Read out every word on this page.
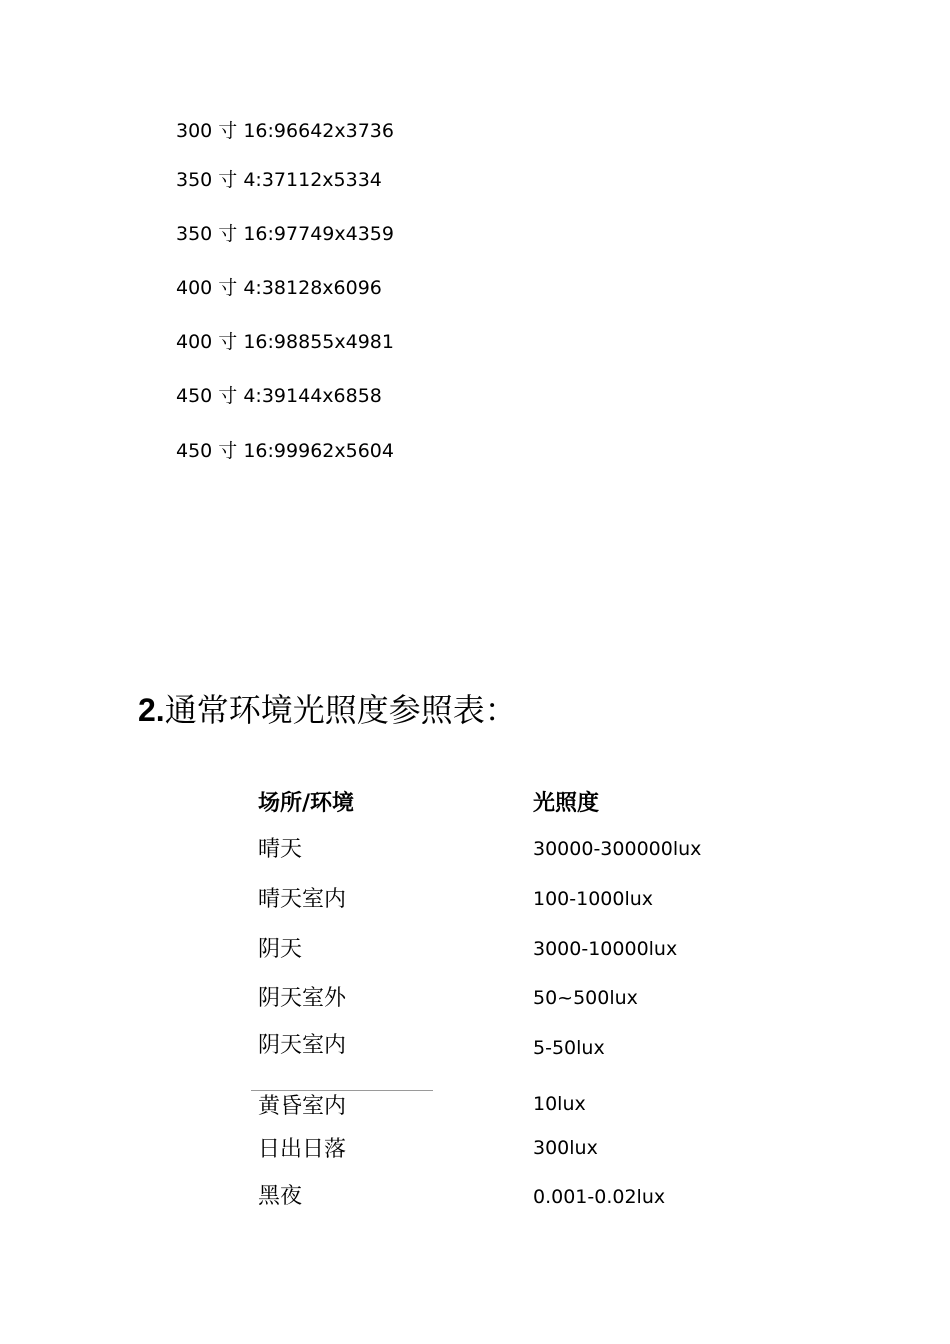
300 寸 16:96642x3736
350 寸 4:37112x5334
350 寸 16:97749x4359
400 寸 4:38128x6096
400 寸 16:98855x4981
450 寸 4:39144x6858
450 寸 16:99962x5604
2.通常环境光照度参照表：
场所/环境	光照度
晴天	30000-300000lux
晴天室内	100-1000lux
阴天	3000-10000lux
阴天室外	50~500lux
阴天室内	5-50lux
黄昏室内	10lux
日出日落	300lux
黑夜	0.001-0.02lux
